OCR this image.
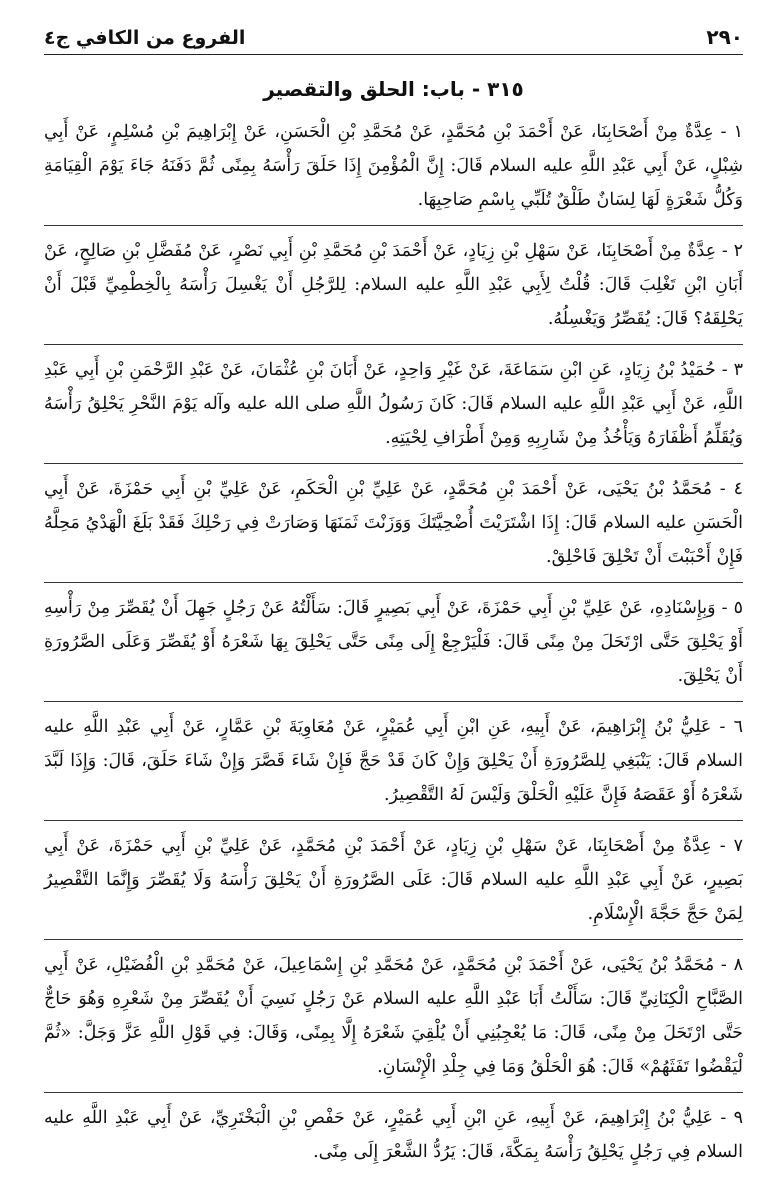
٢٩٠
الفروع من الكافي ج٤
٣١٥ - باب: الحلق والتقصير

١ - عِدَّةٌ مِنْ أَصْحَابِنَا، عَنْ أَحْمَدَ بْنِ مُحَمَّدٍ، عَنْ مُحَمَّدِ بْنِ الْحَسَنِ، عَنْ إِبْرَاهِيمَ بْنِ مُسْلِمٍ، عَنْ أَبِي شِبْلٍ، عَنْ أَبِي عَبْدِ اللَّهِ عليه السلام قَالَ: إِنَّ الْمُؤْمِنَ إِذَا حَلَقَ رَأْسَهُ بِمِنًى ثُمَّ دَفَنَهُ جَاءَ يَوْمَ الْقِيَامَةِ وَكُلُّ شَعْرَةٍ لَهَا لِسَانٌ طَلْقٌ تُلَبِّي بِاسْمِ صَاحِبِهَا.

٢ - عِدَّةٌ مِنْ أَصْحَابِنَا، عَنْ سَهْلِ بْنِ زِيَادٍ، عَنْ أَحْمَدَ بْنِ مُحَمَّدِ بْنِ أَبِي نَصْرٍ، عَنْ مُفَضَّلِ بْنِ صَالِحٍ، عَنْ أَبَانِ ابْنِ تَغْلِبَ قَالَ: قُلْتُ لِأَبِي عَبْدِ اللَّهِ عليه السلام: لِلرَّجُلِ أَنْ يَغْسِلَ رَأْسَهُ بِالْخِطْمِيِّ قَبْلَ أَنْ يَحْلِقَهُ؟ قَالَ: يُقَصِّرُ وَيَغْسِلُهُ.

٣ - حُمَيْدُ بْنُ زِيَادٍ، عَنِ ابْنِ سَمَاعَةَ، عَنْ غَيْرِ وَاحِدٍ، عَنْ أَبَانَ بْنِ عُثْمَانَ، عَنْ عَبْدِ الرَّحْمَنِ بْنِ أَبِي عَبْدِ اللَّهِ، عَنْ أَبِي عَبْدِ اللَّهِ عليه السلام قَالَ: كَانَ رَسُولُ اللَّهِ صلى الله عليه وآله يَوْمَ النَّحْرِ يَحْلِقُ رَأْسَهُ وَيُقَلِّمُ أَظْفَارَهُ وَيَأْخُذُ مِنْ شَارِبِهِ وَمِنْ أَطْرَافِ لِحْيَتِهِ.

٤ - مُحَمَّدُ بْنُ يَحْيَى، عَنْ أَحْمَدَ بْنِ مُحَمَّدٍ، عَنْ عَلِيِّ بْنِ الْحَكَمِ، عَنْ عَلِيِّ بْنِ أَبِي حَمْزَةَ، عَنْ أَبِي الْحَسَنِ عليه السلام قَالَ: إِذَا اشْتَرَيْتَ أُضْحِيَّتَكَ وَوَزَنْتَ ثَمَنَهَا وَصَارَتْ فِي رَحْلِكَ فَقَدْ بَلَغَ الْهَدْيُ مَحِلَّهُ فَإِنْ أَحْبَبْتَ أَنْ تَحْلِقَ فَاحْلِقْ.

٥ - وَبِإِسْنَادِهِ، عَنْ عَلِيِّ بْنِ أَبِي حَمْزَةَ، عَنْ أَبِي بَصِيرٍ قَالَ: سَأَلْتُهُ عَنْ رَجُلٍ جَهِلَ أَنْ يُقَصِّرَ مِنْ رَأْسِهِ أَوْ يَحْلِقَ حَتَّى ارْتَحَلَ مِنْ مِنًى قَالَ: فَلْيَرْجِعْ إِلَى مِنًى حَتَّى يَحْلِقَ بِهَا شَعْرَهُ أَوْ يُقَصِّرَ وَعَلَى الصَّرُورَةِ أَنْ يَحْلِقَ.

٦ - عَلِيُّ بْنُ إِبْرَاهِيمَ، عَنْ أَبِيهِ، عَنِ ابْنِ أَبِي عُمَيْرٍ، عَنْ مُعَاوِيَةَ بْنِ عَمَّارٍ، عَنْ أَبِي عَبْدِ اللَّهِ عليه السلام قَالَ: يَنْبَغِي لِلصَّرُورَةِ أَنْ يَحْلِقَ وَإِنْ كَانَ قَدْ حَجَّ فَإِنْ شَاءَ قَصَّرَ وَإِنْ شَاءَ حَلَقَ، قَالَ: وَإِذَا لَبَّدَ شَعْرَهُ أَوْ عَقَصَهُ فَإِنَّ عَلَيْهِ الْحَلْقَ وَلَيْسَ لَهُ التَّقْصِيرُ.

٧ - عِدَّةٌ مِنْ أَصْحَابِنَا، عَنْ سَهْلِ بْنِ زِيَادٍ، عَنْ أَحْمَدَ بْنِ مُحَمَّدٍ، عَنْ عَلِيِّ بْنِ أَبِي حَمْزَةَ، عَنْ أَبِي بَصِيرٍ، عَنْ أَبِي عَبْدِ اللَّهِ عليه السلام قَالَ: عَلَى الصَّرُورَةِ أَنْ يَحْلِقَ رَأْسَهُ وَلَا يُقَصِّرَ وَإِنَّمَا التَّقْصِيرُ لِمَنْ حَجَّ حَجَّةَ الْإِسْلَامِ.

٨ - مُحَمَّدُ بْنُ يَحْيَى، عَنْ أَحْمَدَ بْنِ مُحَمَّدٍ، عَنْ مُحَمَّدِ بْنِ إِسْمَاعِيلَ، عَنْ مُحَمَّدِ بْنِ الْفُضَيْلِ، عَنْ أَبِي الصَّبَّاحِ الْكِنَانِيِّ قَالَ: سَأَلْتُ أَبَا عَبْدِ اللَّهِ عليه السلام عَنْ رَجُلٍ نَسِيَ أَنْ يُقَصِّرَ مِنْ شَعْرِهِ وَهُوَ حَاجٌّ حَتَّى ارْتَحَلَ مِنْ مِنًى، قَالَ: مَا يُعْجِبُنِي أَنْ يُلْقِيَ شَعْرَهُ إِلَّا بِمِنًى، وَقَالَ: فِي قَوْلِ اللَّهِ عَزَّ وَجَلَّ: «ثُمَّ لْيَقْضُوا تَفَثَهُمْ» قَالَ: هُوَ الْحَلْقُ وَمَا فِي جِلْدِ الْإِنْسَانِ.

٩ - عَلِيُّ بْنُ إِبْرَاهِيمَ، عَنْ أَبِيهِ، عَنِ ابْنِ أَبِي عُمَيْرٍ، عَنْ حَفْصِ بْنِ الْبَخْتَرِيِّ، عَنْ أَبِي عَبْدِ اللَّهِ عليه السلام فِي رَجُلٍ يَحْلِقُ رَأْسَهُ بِمَكَّةَ، قَالَ: يَرُدُّ الشَّعْرَ إِلَى مِنًى.
